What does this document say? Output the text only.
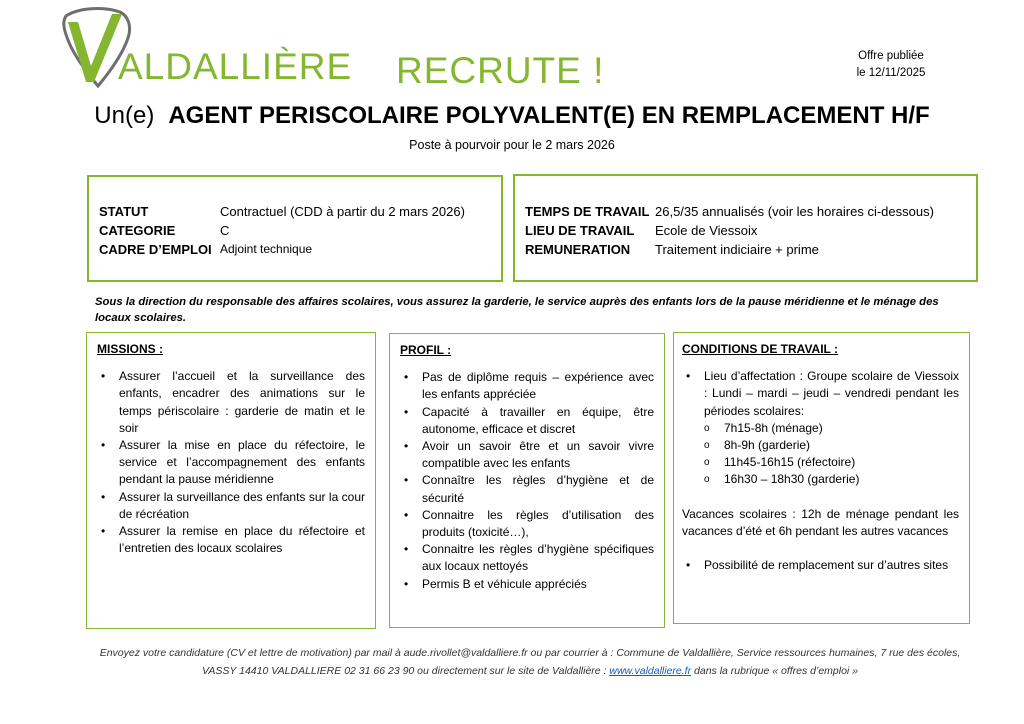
ALDALLIÈRE RECRUTE !	Offre publiée
le 12/11/2025
Un(e) AGENT PERISCOLAIRE POLYVALENT(E) EN REMPLACEMENT H/F
Poste à pourvoir pour le 2 mars 2026
STATUT	Contractuel (CDD à partir du 2 mars 2026)
CATEGORIE	C
CADRE D’EMPLOI Adjoint technique
TEMPS DE TRAVAIL 26,5/35 annualisés (voir les horaires ci-dessous)
LIEU DE TRAVAIL Ecole de Viessoix
REMUNERATION Traitement indiciaire + prime
Sous la direction du responsable des affaires scolaires, vous assurez la garderie, le service auprès des enfants lors de la pause méridienne et le ménage des locaux scolaires.
MISSIONS :
• Assurer l’accueil et la surveillance des enfants, encadrer des animations sur le temps périscolaire : garderie de matin et le soir
• Assurer la mise en place du réfectoire, le service et l’accompagnement des enfants pendant la pause méridienne
• Assurer la surveillance des enfants sur la cour de récréation
• Assurer la remise en place du réfectoire et l’entretien des locaux scolaires
PROFIL :
• Pas de diplôme requis – expérience avec les enfants appréciée
• Capacité à travailler en équipe, être autonome, efficace et discret
• Avoir un savoir être et un savoir vivre compatible avec les enfants
• Connaître les règles d’hygiène et de sécurité
• Connaitre les règles d’utilisation des produits (toxicité…),
• Connaitre les règles d’hygiène spécifiques aux locaux nettoyés
• Permis B et véhicule appréciés
CONDITIONS DE TRAVAIL :
• Lieu d’affectation : Groupe scolaire de Viessoix : Lundi – mardi – jeudi – vendredi pendant les périodes scolaires:
o 7h15-8h (ménage)
o 8h-9h (garderie)
o 11h45-16h15 (réfectoire)
o 16h30 – 18h30 (garderie)
Vacances scolaires : 12h de ménage pendant les vacances d’été et 6h pendant les autres vacances
• Possibilité de remplacement sur d’autres sites
Envoyez votre candidature (CV et lettre de motivation) par mail à aude.rivollet@valdalliere.fr ou par courrier à : Commune de Valdallière, Service ressources humaines, 7 rue des écoles, VASSY 14410 VALDALLIERE 02 31 66 23 90 ou directement sur le site de Valdallière : www.valdalliere.fr dans la rubrique « offres d’emploi »
